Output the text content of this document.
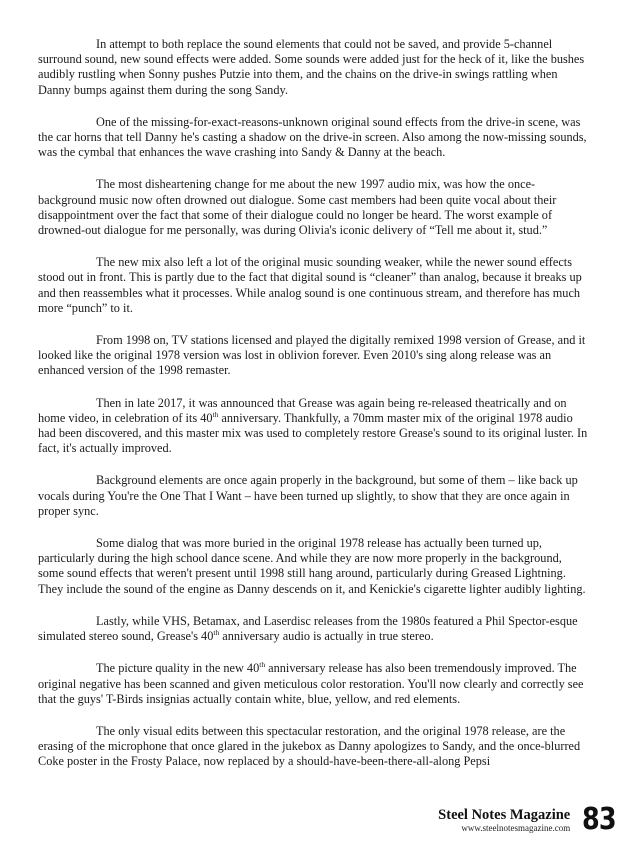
In attempt to both replace the sound elements that could not be saved, and provide 5-channel surround sound, new sound effects were added. Some sounds were added just for the heck of it, like the bushes audibly rustling when Sonny pushes Putzie into them, and the chains on the drive-in swings rattling when Danny bumps against them during the song Sandy.

One of the missing-for-exact-reasons-unknown original sound effects from the drive-in scene, was the car horns that tell Danny he's casting a shadow on the drive-in screen. Also among the now-missing sounds, was the cymbal that enhances the wave crashing into Sandy & Danny at the beach.

The most disheartening change for me about the new 1997 audio mix, was how the once-background music now often drowned out dialogue. Some cast members had been quite vocal about their disappointment over the fact that some of their dialogue could no longer be heard. The worst example of drowned-out dialogue for me personally, was during Olivia's iconic delivery of “Tell me about it, stud.”

The new mix also left a lot of the original music sounding weaker, while the newer sound effects stood out in front. This is partly due to the fact that digital sound is “cleaner” than analog, because it breaks up and then reassembles what it processes. While analog sound is one continuous stream, and therefore has much more “punch” to it.

From 1998 on, TV stations licensed and played the digitally remixed 1998 version of Grease, and it looked like the original 1978 version was lost in oblivion forever. Even 2010's sing along release was an enhanced version of the 1998 remaster.

Then in late 2017, it was announced that Grease was again being re-released theatrically and on home video, in celebration of its 40th anniversary. Thankfully, a 70mm master mix of the original 1978 audio had been discovered, and this master mix was used to completely restore Grease's sound to its original luster. In fact, it's actually improved.

Background elements are once again properly in the background, but some of them – like back up vocals during You're the One That I Want – have been turned up slightly, to show that they are once again in proper sync.

Some dialog that was more buried in the original 1978 release has actually been turned up, particularly during the high school dance scene. And while they are now more properly in the background, some sound effects that weren't present until 1998 still hang around, particularly during Greased Lightning. They include the sound of the engine as Danny descends on it, and Kenickie's cigarette lighter audibly lighting.

Lastly, while VHS, Betamax, and Laserdisc releases from the 1980s featured a Phil Spector-esque simulated stereo sound, Grease's 40th anniversary audio is actually in true stereo.

The picture quality in the new 40th anniversary release has also been tremendously improved. The original negative has been scanned and given meticulous color restoration. You'll now clearly and correctly see that the guys' T-Birds insignias actually contain white, blue, yellow, and red elements.

The only visual edits between this spectacular restoration, and the original 1978 release, are the erasing of the microphone that once glared in the jukebox as Danny apologizes to Sandy, and the once-blurred Coke poster in the Frosty Palace, now replaced by a should-have-been-there-all-along Pepsi

Steel Notes Magazine
www.steelnotesmagazine.com 83
